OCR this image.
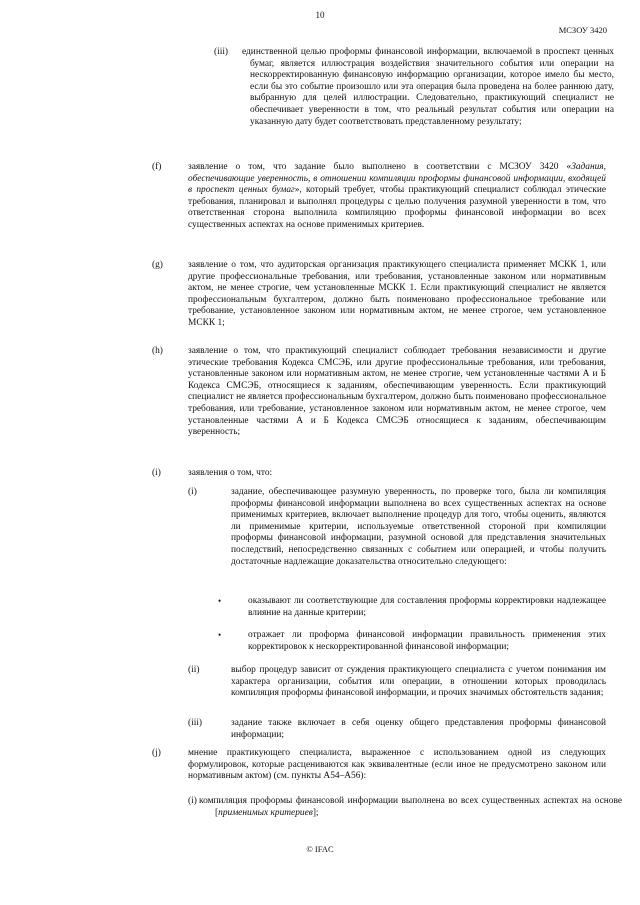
10
МСЗОУ 3420
(iii) единственной целью проформы финансовой информации, включаемой в проспект ценных бумаг, является иллюстрация воздействия значительного события или операции на нескорректированную финансовую информацию организации, которое имело бы место, если бы это событие произошло или эта операция была проведена на более раннюю дату, выбранную для целей иллюстрации. Следовательно, практикующий специалист не обеспечивает уверенности в том, что реальный результат события или операции на указанную дату будет соответствовать представленному результату;
(f)	заявление о том, что задание было выполнено в соответствии с МСЗОУ 3420 «Задания, обеспечивающие уверенность, в отношении компиляции проформы финансовой информации, входящей в проспект ценных бумаг», который требует, чтобы практикующий специалист соблюдал этические требования, планировал и выполнял процедуры с целью получения разумной уверенности в том, что ответственная сторона выполнила компиляцию проформы финансовой информации во всех существенных аспектах на основе применимых критериев.
(g)	заявление о том, что аудиторская организация практикующего специалиста применяет МСКК 1, или другие профессиональные требования, или требования, установленные законом или нормативным актом, не менее строгие, чем установленные МСКК 1. Если практикующий специалист не является профессиональным бухгалтером, должно быть поименовано профессиональное требование или требование, установленное законом или нормативным актом, не менее строгое, чем установленное МСКК 1;
(h)	заявление о том, что практикующий специалист соблюдает требования независимости и другие этические требования Кодекса СМСЭБ, или другие профессиональные требования, или требования, установленные законом или нормативным актом, не менее строгие, чем установленные частями А и Б Кодекса СМСЭБ, относящиеся к заданиям, обеспечивающим уверенность. Если практикующий специалист не является профессиональным бухгалтером, должно быть поименовано профессиональное требования, или требование, установленное законом или нормативным актом, не менее строгое, чем установленные частями А и Б Кодекса СМСЭБ относящиеся к заданиям, обеспечивающим уверенность;
(i)	заявления о том, что:
(i)	задание, обеспечивающее разумную уверенность, по проверке того, была ли компиляция проформы финансовой информации выполнена во всех существенных аспектах на основе применимых критериев, включает выполнение процедур для того, чтобы оценить, являются ли применимые критерии, используемые ответственной стороной при компиляции проформы финансовой информации, разумной основой для представления значительных последствий, непосредственно связанных с событием или операцией, и чтобы получить достаточные надлежащие доказательства относительно следующего:
•	оказывают ли соответствующие для составления проформы корректировки надлежащее влияние на данные критерии;
•	отражает ли проформа финансовой информации правильность применения этих корректировок к нескорректированной финансовой информации;
(ii)	выбор процедур зависит от суждения практикующего специалиста с учетом понимания им характера организации, события или операции, в отношении которых проводилась компиляция проформы финансовой информации, и прочих значимых обстоятельств задания;
(iii)	задание также включает в себя оценку общего представления проформы финансовой информации;
(j)	мнение практикующего специалиста, выраженное с использованием одной из следующих формулировок, которые расцениваются как эквивалентные (если иное не предусмотрено законом или нормативным актом) (см. пункты А54–А56):
(i) компиляция проформы финансовой информации выполнена во всех существенных аспектах на основе [применимых критериев];
© IFAC
